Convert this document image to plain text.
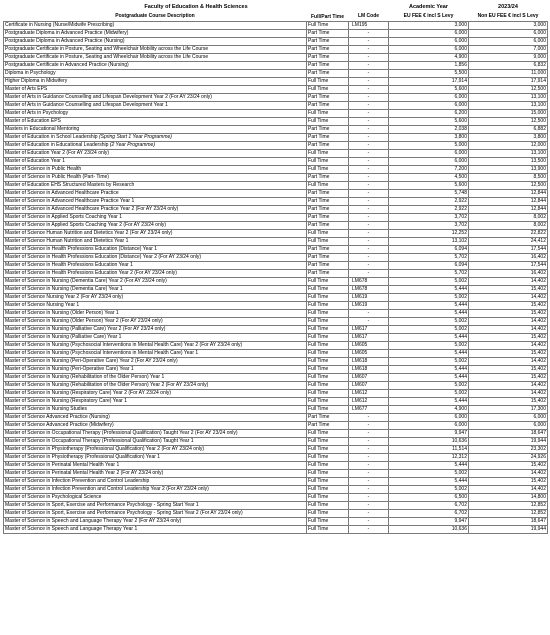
Faculty of Education & Health Sciences			Academic Year	2023/24
Postgraduate Course Description	Full/Part Time	LM Code	EU FEE € incl S Levy	Non EU FEE € incl S Levy
Certificate in Nursing (Nurse/Midwife Prescribing)	Full Time	LM195	3,000	3,000
Postgraduate Diploma in Advanced Practice (Midwifery)	Part Time	-	6,000	6,000
Postgraduate Diploma in Advanced Practice (Nursing)	Part Time	-	6,000	6,000
Postgraduate Certificate in Posture, Seating and Wheelchair Mobility across the Life Course	Part Time	-	6,000	7,000
Postgraduate Certificate in Posture, Seating and Wheelchair Mobility across the Life Course	Part Time	-	4,900	9,000
Postgraduate Certificate in Advanced Practice (Nursing)	Part Time	-	1,856	6,832
Diploma in Psychology	Part Time	-	5,500	11,000
Higher Diploma in Midwifery	Full Time	-	17,914	17,914
Master of Arts EPS	Full Time	-	5,600	12,500
Master of Arts in Guidance Counselling and Lifespan Development Year 2 (For AY 23/24 only)	Part Time	-	6,000	13,100
Master of Arts in Guidance Counselling and Lifespan Development Year 1	Part Time	-	6,000	13,100
Master of Arts in Psychology	Full Time	-	6,200	15,000
Master of Education EPS	Full Time	-	5,600	12,500
Masters in Educational Mentoring	Part Time	-	2,038	6,882
Master of Education in School Leadership (Spring Start 1 Year Programme)	Part Time	-	3,800	3,800
Master of Education in Educational Leadership (2 Year Programme)	Part Time	-	5,000	12,000
Master of Education Year 2 (For AY 23/24 only)	Full Time	-	6,000	13,100
Master of Education Year 1	Full Time	-	6,000	13,500
Master of Science in Public Health	Full Time	-	7,200	13,900
Master of Science in Public Health (Part- Time)	Part Time	-	4,500	8,500
Master of Education EHS Structured Masters by Research	Full Time	-	5,600	12,500
Master of Science in Advanced Healthcare Practice	Part Time	-	5,748	12,844
Master of Science in Advanced Healthcare Practice Year 1	Part Time	-	2,922	12,844
Master of Science in Advanced Healthcare Practice Year 2 (For AY 23/24 only)	Part Time	-	2,922	12,844
Master of Science in Applied Sports Coaching Year 1	Part Time	-	3,702	8,002
Master of Science in Applied Sports Coaching Year 2 (For AY 23/24 only)	Part Time	-	3,702	8,002
Master of Science Human Nutrition and Dietetics Year 2 (For AY 23/24 only)	Full Time	-	12,252	22,822
Master of Science Human Nutrition and Dietetics Year 1	Full Time	-	13,102	24,412
Master of Science in Health Professions Education (Distance) Year 1	Part Time	-	6,094	17,544
Master of Science in Health Professions Education (Distance) Year 2 (For AY 23/24 only)	Part Time	-	5,702	16,402
Master of Science in Health Professions Education Year 1	Part Time	-	6,094	17,544
Master of Science in Health Professions Education Year 2 (For AY 23/24 only)	Part Time	-	5,702	16,402
Master of Science in Nursing (Dementia Care) Year 2 (For AY 23/24 only)	Full Time	LM678	5,002	14,402
Master of Science in Nursing (Dementia Care) Year 1	Full Time	LM678	5,444	15,402
Master of Science Nursing Year 2 (For AY 23/24 only)	Full Time	LM619	5,002	14,402
Master of Science Nursing Year 1	Full Time	LM619	5,444	15,402
Master of Science in Nursing (Older Person) Year 1	Full Time	-	5,444	15,402
Master of Science in Nursing (Older Person) Year 2 (For AY 23/24 only)	Full Time	-	5,002	14,402
Master of Science in Nursing (Palliative Care) Year 2 (For AY 23/24 only)	Full Time	LM617	5,002	14,402
Master of Science in Nursing (Palliative Care) Year 1	Full Time	LM617	5,444	15,402
Master of Science in Nursing (Psychosocial Interventions in Mental Health Care) Year 2 (For AY 23/24 only)	Full Time	LM605	5,002	14,402
Master of Science in Nursing (Psychosocial Interventions in Mental Health Care) Year 1	Full Time	LM605	5,444	15,402
Master of Science in Nursing (Peri-Operative Care) Year 2 (For AY 23/24 only)	Full Time	LM618	5,002	14,402
Master of Science in Nursing (Peri-Operative Care) Year 1	Full Time	LM618	5,444	15,402
Master of Science in Nursing (Rehabilitation of the Older Person) Year 1	Full Time	LM607	5,444	15,402
Master of Science in Nursing (Rehabilitation of the Older Person) Year 2 (For AY 23/24 only)	Full Time	LM607	5,002	14,402
Master of Science in Nursing (Respiratory Care) Year 2 (For AY 23/24 only)	Full Time	LM612	5,002	14,402
Master of Science in Nursing (Respiratory Care) Year 1	Full Time	LM612	5,444	15,402
Master of Science in Nursing Studies	Full Time	LM677	4,900	17,300
Master of Science Advanced Practice (Nursing)	Part Time	-	6,000	6,000
Master of Science Advanced Practice (Midwifery)	Part Time	-	6,000	6,000
Master of Science in Occupational Therapy (Professional Qualification) Taught Year 2 (For AY 23/24 only)	Full Time	-	9,947	18,647
Master of Science in Occupational Therapy (Professional Qualification) Taught Year 1	Full Time	-	10,636	19,944
Master of Science in Physiotherapy (Professional Qualification) Year 2 (For AY 23/24 only)	Full Time	-	11,514	23,302
Master of Science in Physiotherapy (Professional Qualification) Year 1	Full Time	-	12,312	24,926
Master of Science in Perinatal Mental Health Year 1	Full Time	-	5,444	15,402
Master of Science in Perinatal Mental Health Year 2 (For AY 23/24 only)	Full Time	-	5,002	14,402
Master of Science in Infection Prevention and Control Leadership	Full Time	-	5,444	15,402
Master of Science in Infection Prevention and Control Leadership Year 2 (For AY 23/24 only)	Full Time	-	5,002	14,402
Master of Science in Psychological Science	Full Time	-	6,500	14,800
Master of Science in Sport, Exercise and Performance Psychology - Spring Start Year 1	Full Time	-	6,702	12,852
Master of Science in Sport, Exercise and Performance Psychology - Spring Start Year 2 (For AY 23/24 only)	Full Time	-	6,702	12,852
Master of Science in Speech and Language Therapy Year 2 (For AY 23/24 only)	Full Time	-	9,947	18,647
Master of Science in Speech and Language Therapy Year 1	Full Time	-	10,636	19,944
